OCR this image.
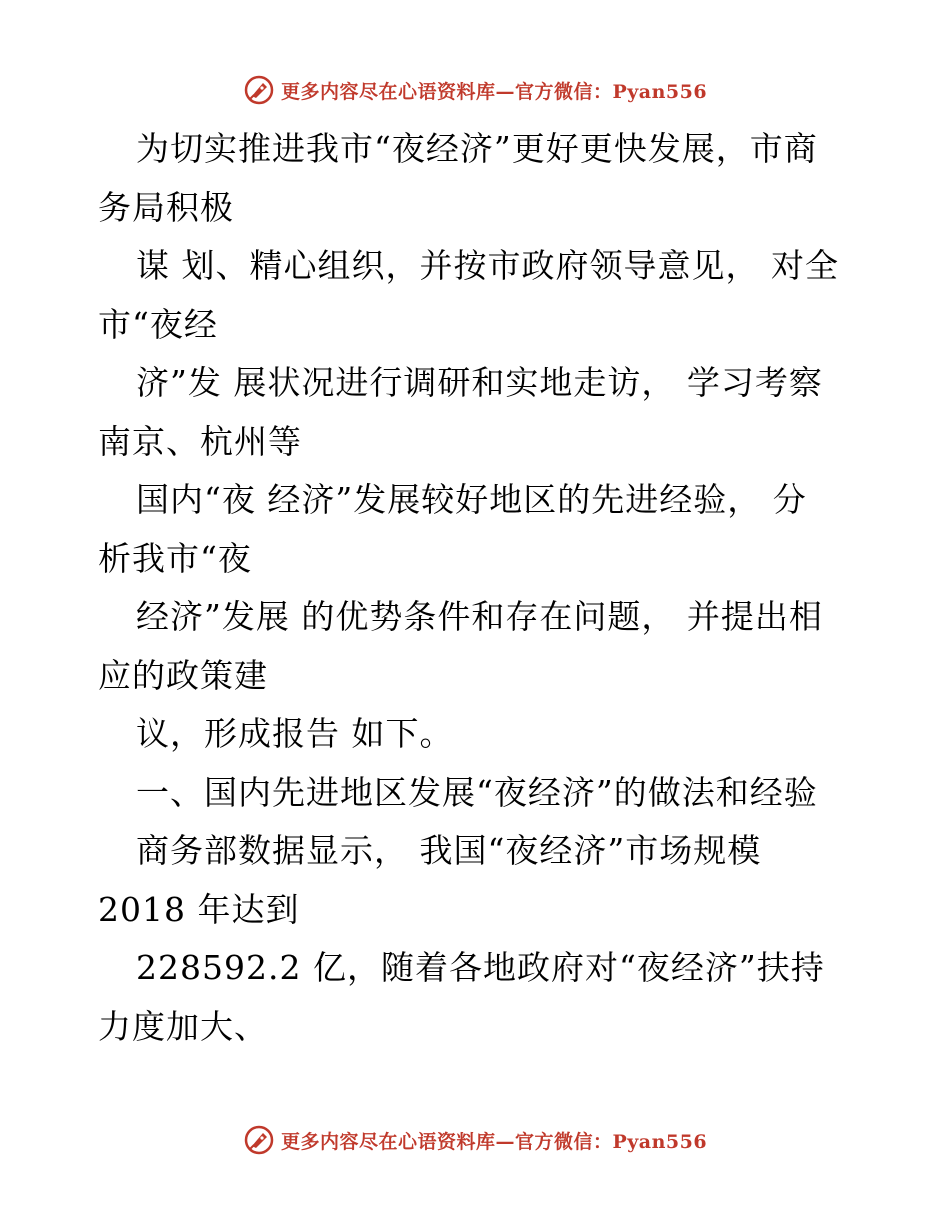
更多内容尽在心语资料库—官方微信：Pyan556
为切实推进我市“夜经济”更好更快发展，市商
务局积极
谋 划、精心组织，并按市政府领导意见， 对全
市“夜经
济”发 展状况进行调研和实地走访， 学习考察
南京、杭州等
国内“夜 经济”发展较好地区的先进经验， 分
析我市“夜
经济”发展 的优势条件和存在问题， 并提出相
应的政策建
议，形成报告 如下。
一、国内先进地区发展“夜经济”的做法和经验
商务部数据显示， 我国“夜经济”市场规模
2018 年达到
228592.2 亿，随着各地政府对“夜经济”扶持
力度加大、
更多内容尽在心语资料库—官方微信：Pyan556
